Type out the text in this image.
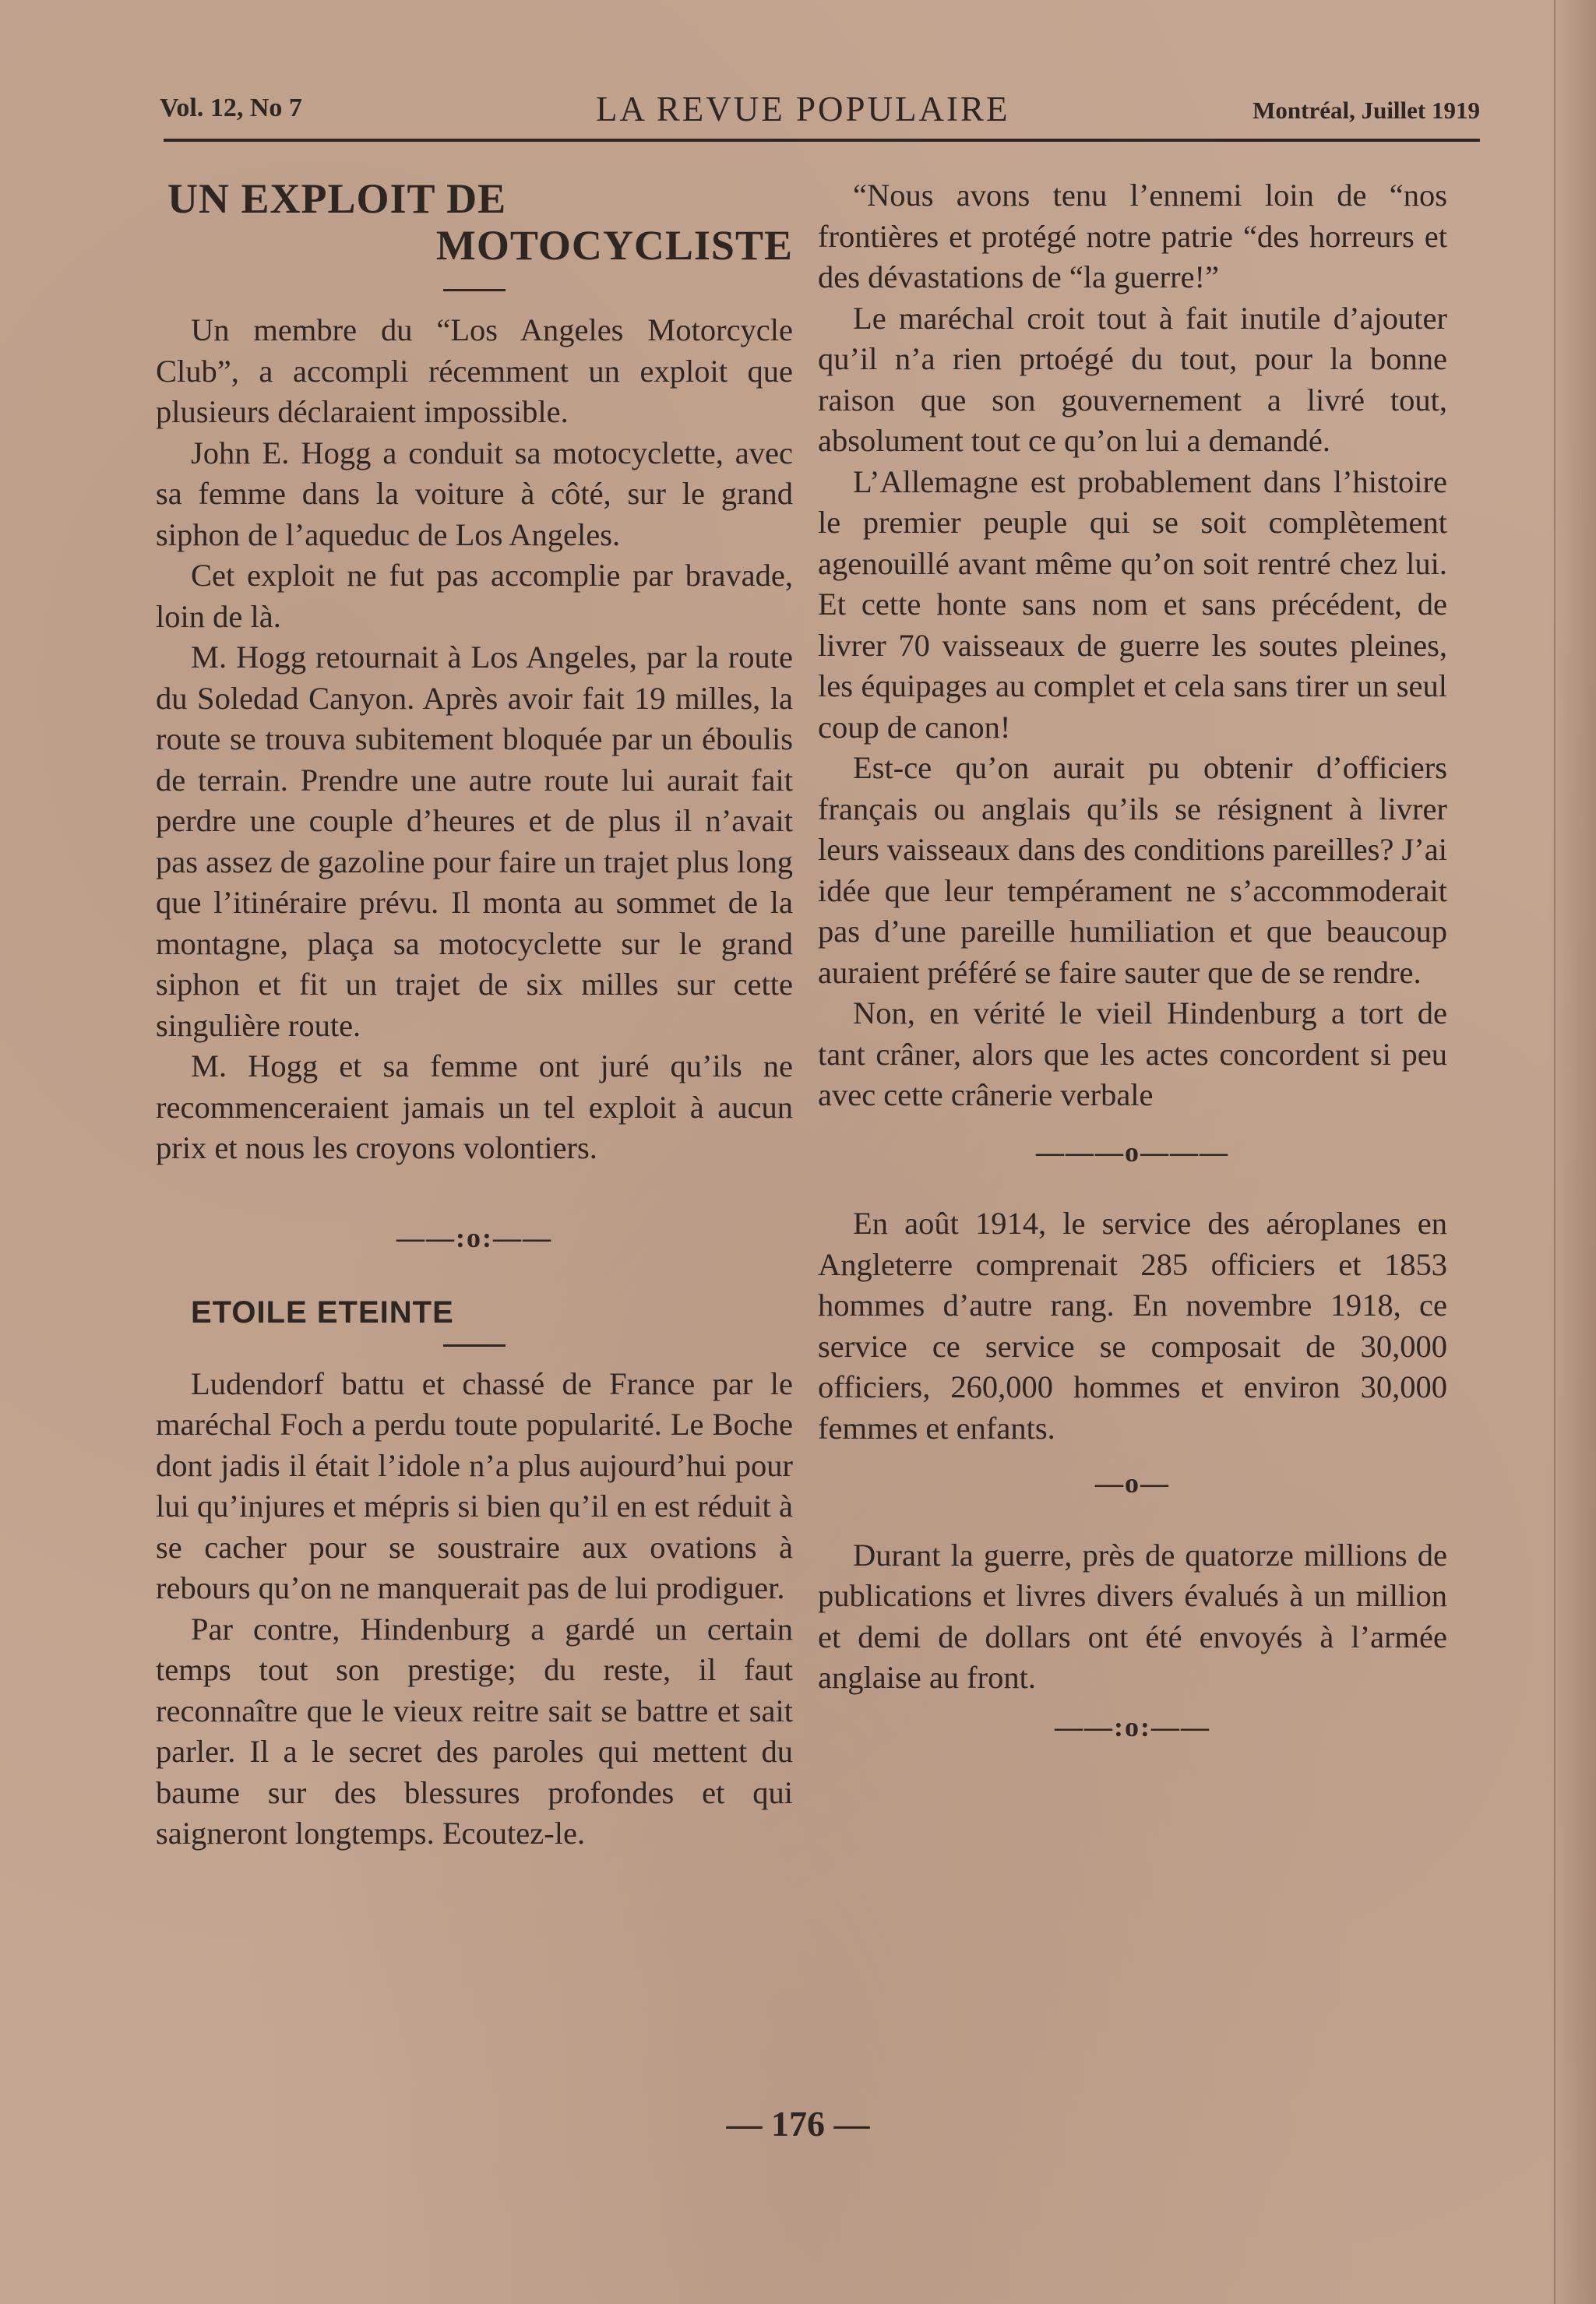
Vol. 12, No 7	LA REVUE POPULAIRE	Montréal, Juillet 1919
UN EXPLOIT DE
MOTOCYCLISTE

Un membre du “Los Angeles Motorcycle Club”, a accompli récemment un exploit que plusieurs déclaraient impossible.

John E. Hogg a conduit sa motocyclette, avec sa femme dans la voiture à côté, sur le grand siphon de l’aqueduc de Los Angeles.

Cet exploit ne fut pas accomplie par bravade, loin de là.

M. Hogg retournait à Los Angeles, par la route du Soledad Canyon. Après avoir fait 19 milles, la route se trouva subitement bloquée par un éboulis de terrain. Prendre une autre route lui aurait fait perdre une couple d’heures et de plus il n’avait pas assez de gazoline pour faire un trajet plus long que l’itinéraire prévu. Il monta au sommet de la montagne, plaça sa motocyclette sur le grand siphon et fit un trajet de six milles sur cette singulière route.

M. Hogg et sa femme ont juré qu’ils ne recommenceraient jamais un tel exploit à aucun prix et nous les croyons volontiers.

——:o:——

ETOILE ETEINTE

Ludendorf battu et chassé de France par le maréchal Foch a perdu toute popularité. Le Boche dont jadis il était l’idole n’a plus aujourd’hui pour lui qu’injures et mépris si bien qu’il en est réduit à se cacher pour se soustraire aux ovations à rebours qu’on ne manquerait pas de lui prodiguer.

Par contre, Hindenburg a gardé un certain temps tout son prestige; du reste, il faut reconnaître que le vieux reitre sait se battre et sait parler. Il a le secret des paroles qui mettent du baume sur des blessures profondes et qui saigneront longtemps. Ecoutez-le.

“Nous avons tenu l’ennemi loin de “nos frontières et protégé notre patrie “des horreurs et des dévastations de “la guerre!”

Le maréchal croit tout à fait inutile d’ajouter qu’il n’a rien prtoégé du tout, pour la bonne raison que son gouvernement a livré tout, absolument tout ce qu’on lui a demandé.

L’Allemagne est probablement dans l’histoire le premier peuple qui se soit complètement agenouillé avant même qu’on soit rentré chez lui. Et cette honte sans nom et sans précédent, de livrer 70 vaisseaux de guerre les soutes pleines, les équipages au complet et cela sans tirer un seul coup de canon!

Est-ce qu’on aurait pu obtenir d’officiers français ou anglais qu’ils se résignent à livrer leurs vaisseaux dans des conditions pareilles? J’ai idée que leur tempérament ne s’accommoderait pas d’une pareille humiliation et que beaucoup auraient préféré se faire sauter que de se rendre.

Non, en vérité le vieil Hindenburg a tort de tant crâner, alors que les actes concordent si peu avec cette crânerie verbale

———o———

En août 1914, le service des aéroplanes en Angleterre comprenait 285 officiers et 1853 hommes d’autre rang. En novembre 1918, ce service ce service se composait de 30,000 officiers, 260,000 hommes et environ 30,000 femmes et enfants.

—o—

Durant la guerre, près de quatorze millions de publications et livres divers évalués à un million et demi de dollars ont été envoyés à l’armée anglaise au front.

——:o:——
— 176 —
